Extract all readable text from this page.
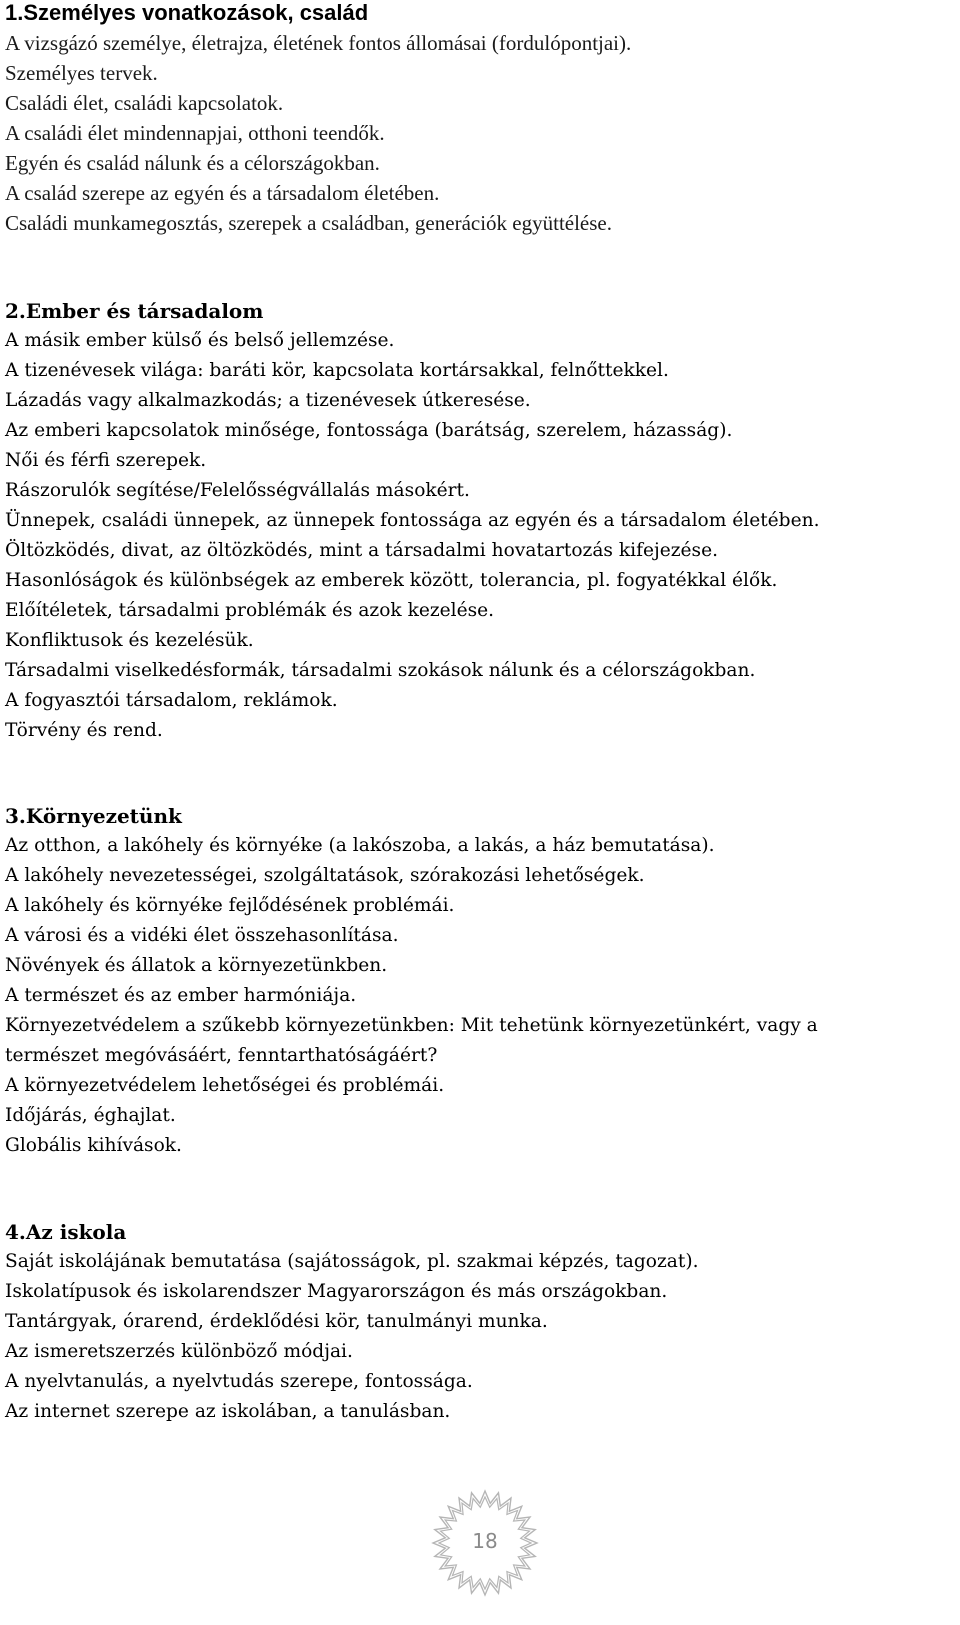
1.Személyes vonatkozások, család
A vizsgázó személye, életrajza, életének fontos állomásai (fordulópontjai).
Személyes tervek.
Családi élet, családi kapcsolatok.
A családi élet mindennapjai, otthoni teendők.
Egyén és család nálunk és a célországokban.
A család szerepe az egyén és a társadalom életében.
Családi munkamegosztás, szerepek a családban, generációk együttélése.
2.Ember és társadalom
A másik ember külső és belső jellemzése.
A tizenévesek világa: baráti kör, kapcsolata kortársakkal, felnőttekkel.
Lázadás vagy alkalmazkodás; a tizenévesek útkeresése.
Az emberi kapcsolatok minősége, fontossága (barátság, szerelem, házasság).
Női és férfi szerepek.
Rászorulók segítése/Felelősségvállalás másokért.
Ünnepek, családi ünnepek, az ünnepek fontossága az egyén és a társadalom életében.
Öltözködés, divat, az öltözködés, mint a társadalmi hovatartozás kifejezése.
Hasonlóságok és különbségek az emberek között, tolerancia, pl. fogyatékkal élők.
Előítéletek, társadalmi problémák és azok kezelése.
Konfliktusok és kezelésük.
Társadalmi viselkedésformák, társadalmi szokások nálunk és a célországokban.
A fogyasztói társadalom, reklámok.
Törvény és rend.
3.Környezetünk
Az otthon, a lakóhely és környéke (a lakószoba, a lakás, a ház bemutatása).
A lakóhely nevezetességei, szolgáltatások, szórakozási lehetőségek.
A lakóhely és környéke fejlődésének problémái.
A városi és a vidéki élet összehasonlítása.
Növények és állatok a környezetünkben.
A természet és az ember harmóniája.
Környezetvédelem a szűkebb környezetünkben: Mit tehetünk környezetünkért, vagy a
természet megóvásáért, fenntarthatóságáért?
A környezetvédelem lehetőségei és problémái.
Időjárás, éghajlat.
Globális kihívások.
4.Az iskola
Saját iskolájának bemutatása (sajátosságok, pl. szakmai képzés, tagozat).
Iskolatípusok és iskolarendszer Magyarországon és más országokban.
Tantárgyak, órarend, érdeklődési kör, tanulmányi munka.
Az ismeretszerzés különböző módjai.
A nyelvtanulás, a nyelvtudás szerepe, fontossága.
Az internet szerepe az iskolában, a tanulásban.
18
